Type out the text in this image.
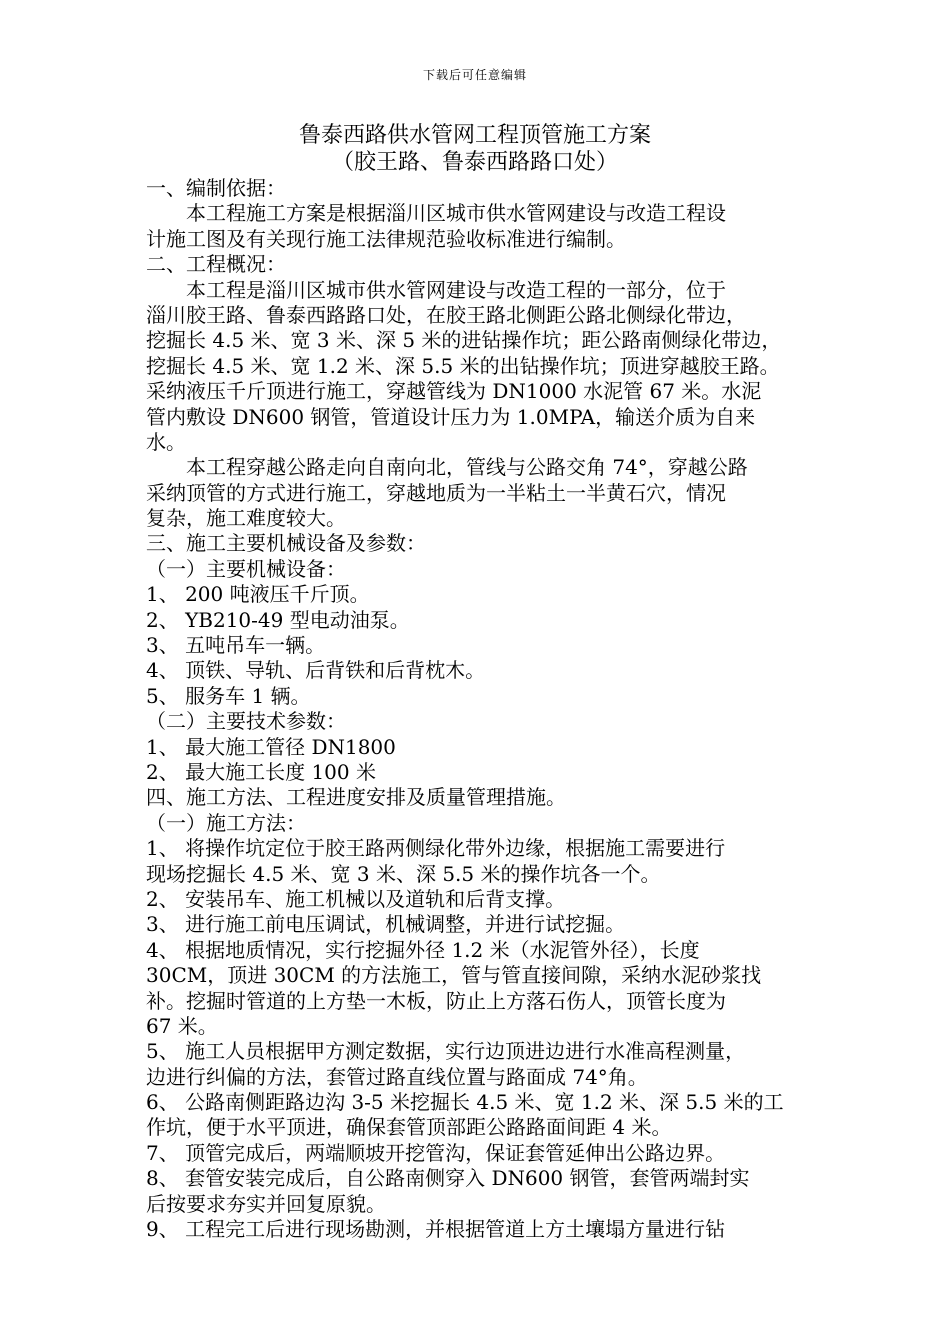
下载后可任意编辑
鲁泰西路供水管网工程顶管施工方案
（胶王路、鲁泰西路路口处）
一、编制依据：
　　本工程施工方案是根据淄川区城市供水管网建设与改造工程设
计施工图及有关现行施工法律规范验收标准进行编制。
二、工程概况：
　　本工程是淄川区城市供水管网建设与改造工程的一部分，位于
淄川胶王路、鲁泰西路路口处，在胶王路北侧距公路北侧绿化带边，
挖掘长 4.5 米、宽 3 米、深 5 米的进钻操作坑；距公路南侧绿化带边，
挖掘长 4.5 米、宽 1.2 米、深 5.5 米的出钻操作坑；顶进穿越胶王路。
采纳液压千斤顶进行施工，穿越管线为 DN1000 水泥管 67 米。水泥
管内敷设 DN600 钢管，管道设计压力为 1.0MPA，输送介质为自来
水。
　　本工程穿越公路走向自南向北，管线与公路交角 74°，穿越公路
采纳顶管的方式进行施工，穿越地质为一半粘土一半黄石穴，情况
复杂，施工难度较大。
三、施工主要机械设备及参数：
（一）主要机械设备：
1、 200 吨液压千斤顶。
2、 YB210-49 型电动油泵。
3、 五吨吊车一辆。
4、 顶铁、导轨、后背铁和后背枕木。
5、 服务车 1 辆。
（二）主要技术参数：
1、 最大施工管径 DN1800
2、 最大施工长度 100 米
四、施工方法、工程进度安排及质量管理措施。
（一）施工方法：
1、 将操作坑定位于胶王路两侧绿化带外边缘，根据施工需要进行
现场挖掘长 4.5 米、宽 3 米、深 5.5 米的操作坑各一个。
2、 安装吊车、施工机械以及道轨和后背支撑。
3、 进行施工前电压调试，机械调整，并进行试挖掘。
4、 根据地质情况，实行挖掘外径 1.2 米（水泥管外径），长度
30CM，顶进 30CM 的方法施工，管与管直接间隙，采纳水泥砂浆找
补。挖掘时管道的上方垫一木板，防止上方落石伤人，顶管长度为
67 米。
5、 施工人员根据甲方测定数据，实行边顶进边进行水准高程测量，
边进行纠偏的方法，套管过路直线位置与路面成 74°角。
6、 公路南侧距路边沟 3-5 米挖掘长 4.5 米、宽 1.2 米、深 5.5 米的工
作坑，便于水平顶进，确保套管顶部距公路路面间距 4 米。
7、 顶管完成后，两端顺坡开挖管沟，保证套管延伸出公路边界。
8、 套管安装完成后，自公路南侧穿入 DN600 钢管，套管两端封实
后按要求夯实并回复原貌。
9、 工程完工后进行现场勘测，并根据管道上方土壤塌方量进行钻
